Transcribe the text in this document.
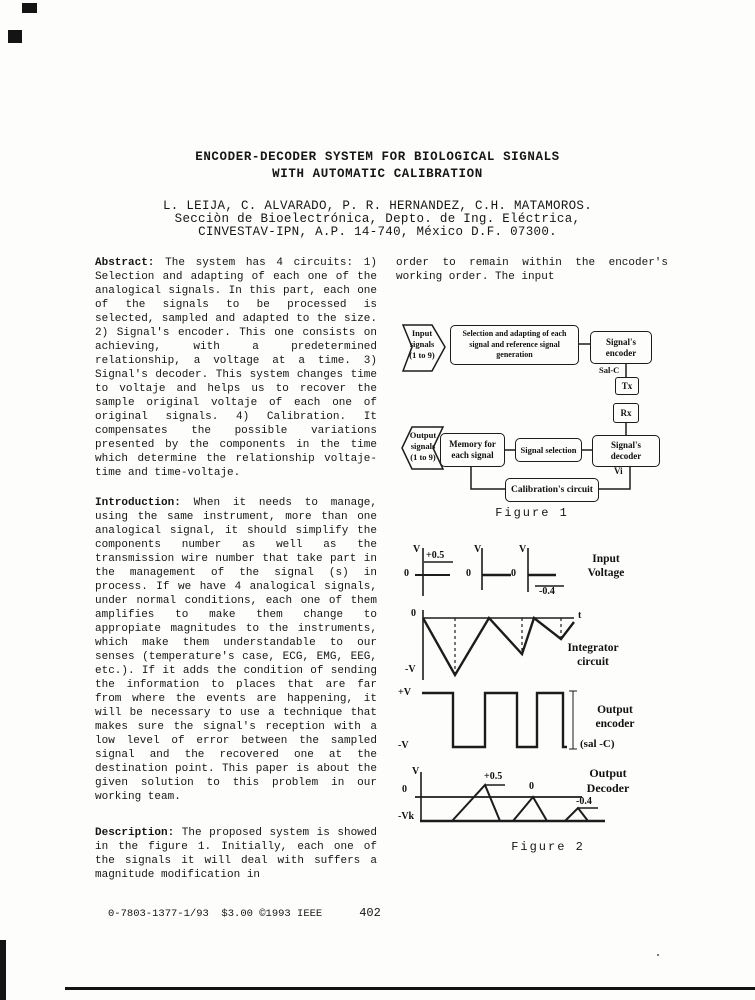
ENCODER-DECODER SYSTEM FOR BIOLOGICAL SIGNALS
WITH AUTOMATIC CALIBRATION
L. LEIJA, C. ALVARADO, P. R. HERNANDEZ, C.H. MATAMOROS.
Secciòn de Bioelectrónica, Depto. de Ing. Eléctrica,
CINVESTAV-IPN, A.P. 14-740, México D.F. 07300.
Abstract: The system has 4 circuits: 1) Selection and adapting of each one of the analogical signals. In this part, each one of the signals to be processed is selected, sampled and adapted to the size. 2) Signal's encoder. This one consists on achieving, with a predetermined relationship, a voltage at a time. 3) Signal's decoder. This system changes time to voltaje and helps us to recover the sample original voltaje of each one of original signals. 4) Calibration. It compensates the possible variations presented by the components in the time which determine the relationship voltaje-time and time-voltaje.
Introduction: When it needs to manage, using the same instrument, more than one analogical signal, it should simplify the components number as well as the transmission wire number that take part in the management of the signal (s) in process. If we have 4 analogical signals, under normal conditions, each one of them amplifies to make them change to appropiate magnitudes to the instruments, which make them understandable to our senses (temperature's case, ECG, EMG, EEG, etc.). If it adds the condition of sending the information to places that are far from where the events are happening, it will be necessary to use a technique that makes sure the signal's reception with a low level of error between the sampled signal and the recovered one at the destination point. This paper is about the given solution to this problem in our working team.
Description: The proposed system is showed in the figure 1. Initially, each one of the signals it will deal with suffers a magnitude modification in
order to remain within the encoder's working order. The input
Input
signals
(1 to 9)
Selection and adapting of each
signal and reference signal
generation
Signal's
encoder
Sal-C
Tx
Rx
Signal's
decoder
Signal selection
Memory for
each signal
Output
signals
(1 to 9)
Vi
Calibration's circuit
Figure 1
V
0
+0.5
V
0
V
0
-0.4
Input
Voltage
0	t
-V
Integrator
circuit
+V
-V
Output
encoder
(sal -C)
V
0
-Vk
+0.5
0
-0.4
Output
Decoder
Figure 2
0-7803-1377-1/93  $3.00 ©1993 IEEE	402
